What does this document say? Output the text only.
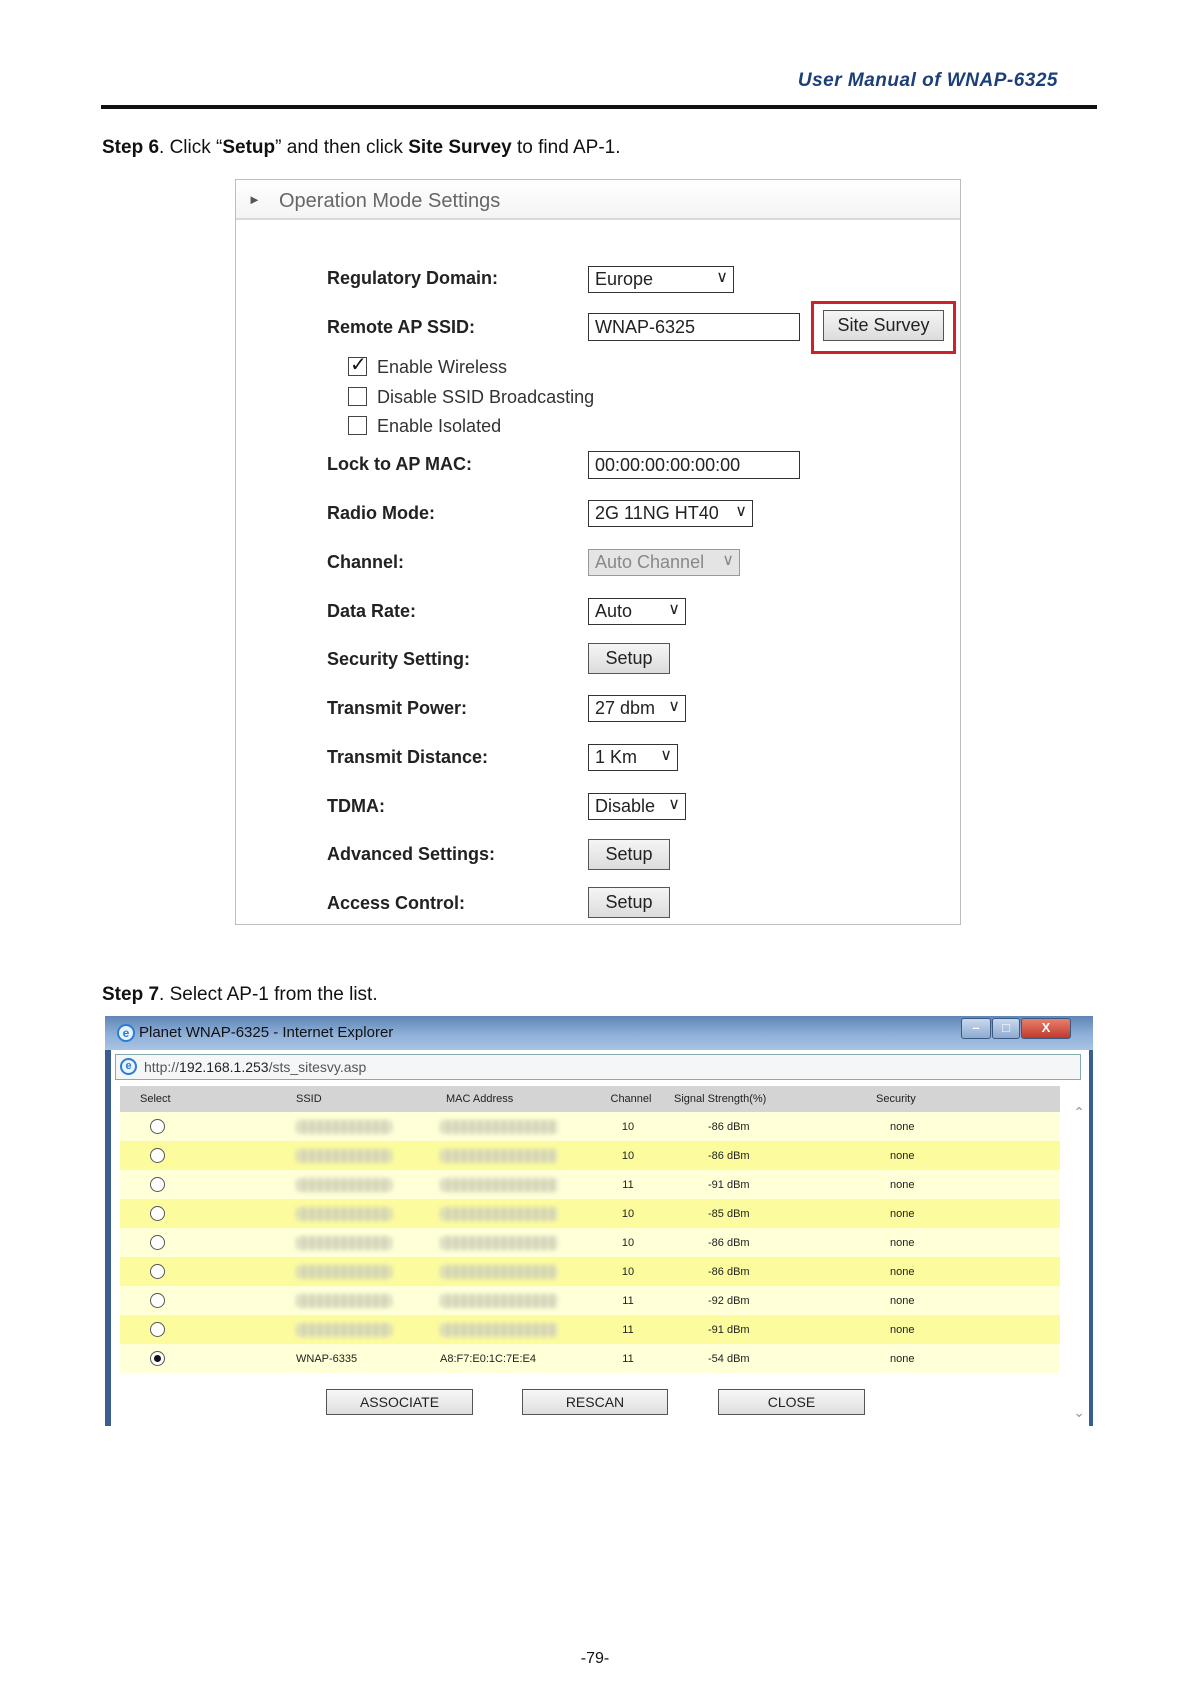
User Manual of WNAP-6325
Step 6. Click “Setup” and then click Site Survey to find AP-1.
► Operation Mode Settings
Regulatory Domain:	Europe	∨
Remote AP SSID:	WNAP-6325	Site Survey
✓ Enable Wireless
Disable SSID Broadcasting
Enable Isolated
Lock to AP MAC:	00:00:00:00:00:00
Radio Mode:	2G 11NG HT40 ∨
Channel:	Auto Channel ∨
Data Rate:	Auto ∨
Security Setting:	Setup
Transmit Power:	27 dbm ∨
Transmit Distance:	1 Km ∨
TDMA:	Disable ∨
Advanced Settings:	Setup
Access Control:	Setup
Step 7. Select AP-1 from the list.
e Planet WNAP-6325 - Internet Explorer	–	□	X
e http://192.168.1.253/sts_sitesvy.asp
Select	SSID	MAC Address	Channel	Signal Strength(%)	Security
			10	-86 dBm	none
			10	-86 dBm	none
			11	-91 dBm	none
			10	-85 dBm	none
			10	-86 dBm	none
			10	-86 dBm	none
			11	-92 dBm	none
			11	-91 dBm	none
	WNAP-6335	A8:F7:E0:1C:7E:E4	11	-54 dBm	none
⌃
⌄
ASSOCIATE	RESCAN	CLOSE
-79-
